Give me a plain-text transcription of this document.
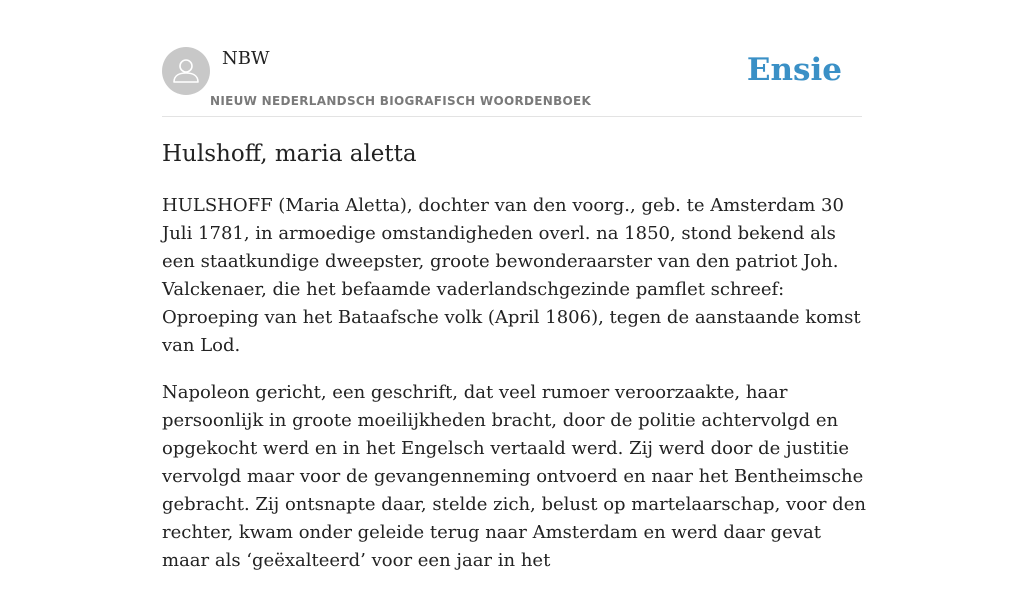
NBW
NIEUW NEDERLANDSCH BIOGRAFISCH WOORDENBOEK
Ensie
Hulshoff, maria aletta

HULSHOFF (Maria Aletta), dochter van den voorg., geb. te Amsterdam 30 Juli 1781, in armoedige omstandigheden overl. na 1850, stond bekend als een staatkundige dweepster, groote bewonderaarster van den patriot Joh. Valckenaer, die het befaamde vaderlandschgezinde pamflet schreef: Oproeping van het Bataafsche volk (April 1806), tegen de aanstaande komst van Lod.

Napoleon gericht, een geschrift, dat veel rumoer veroorzaakte, haar persoonlijk in groote moeilijkheden bracht, door de politie achtervolgd en opgekocht werd en in het Engelsch vertaald werd. Zij werd door de justitie vervolgd maar voor de gevangenneming ontvoerd en naar het Bentheimsche gebracht. Zij ontsnapte daar, stelde zich, belust op martelaarschap, voor den rechter, kwam onder geleide terug naar Amsterdam en werd daar gevat maar als ‘geëxalteerd’ voor een jaar in het
